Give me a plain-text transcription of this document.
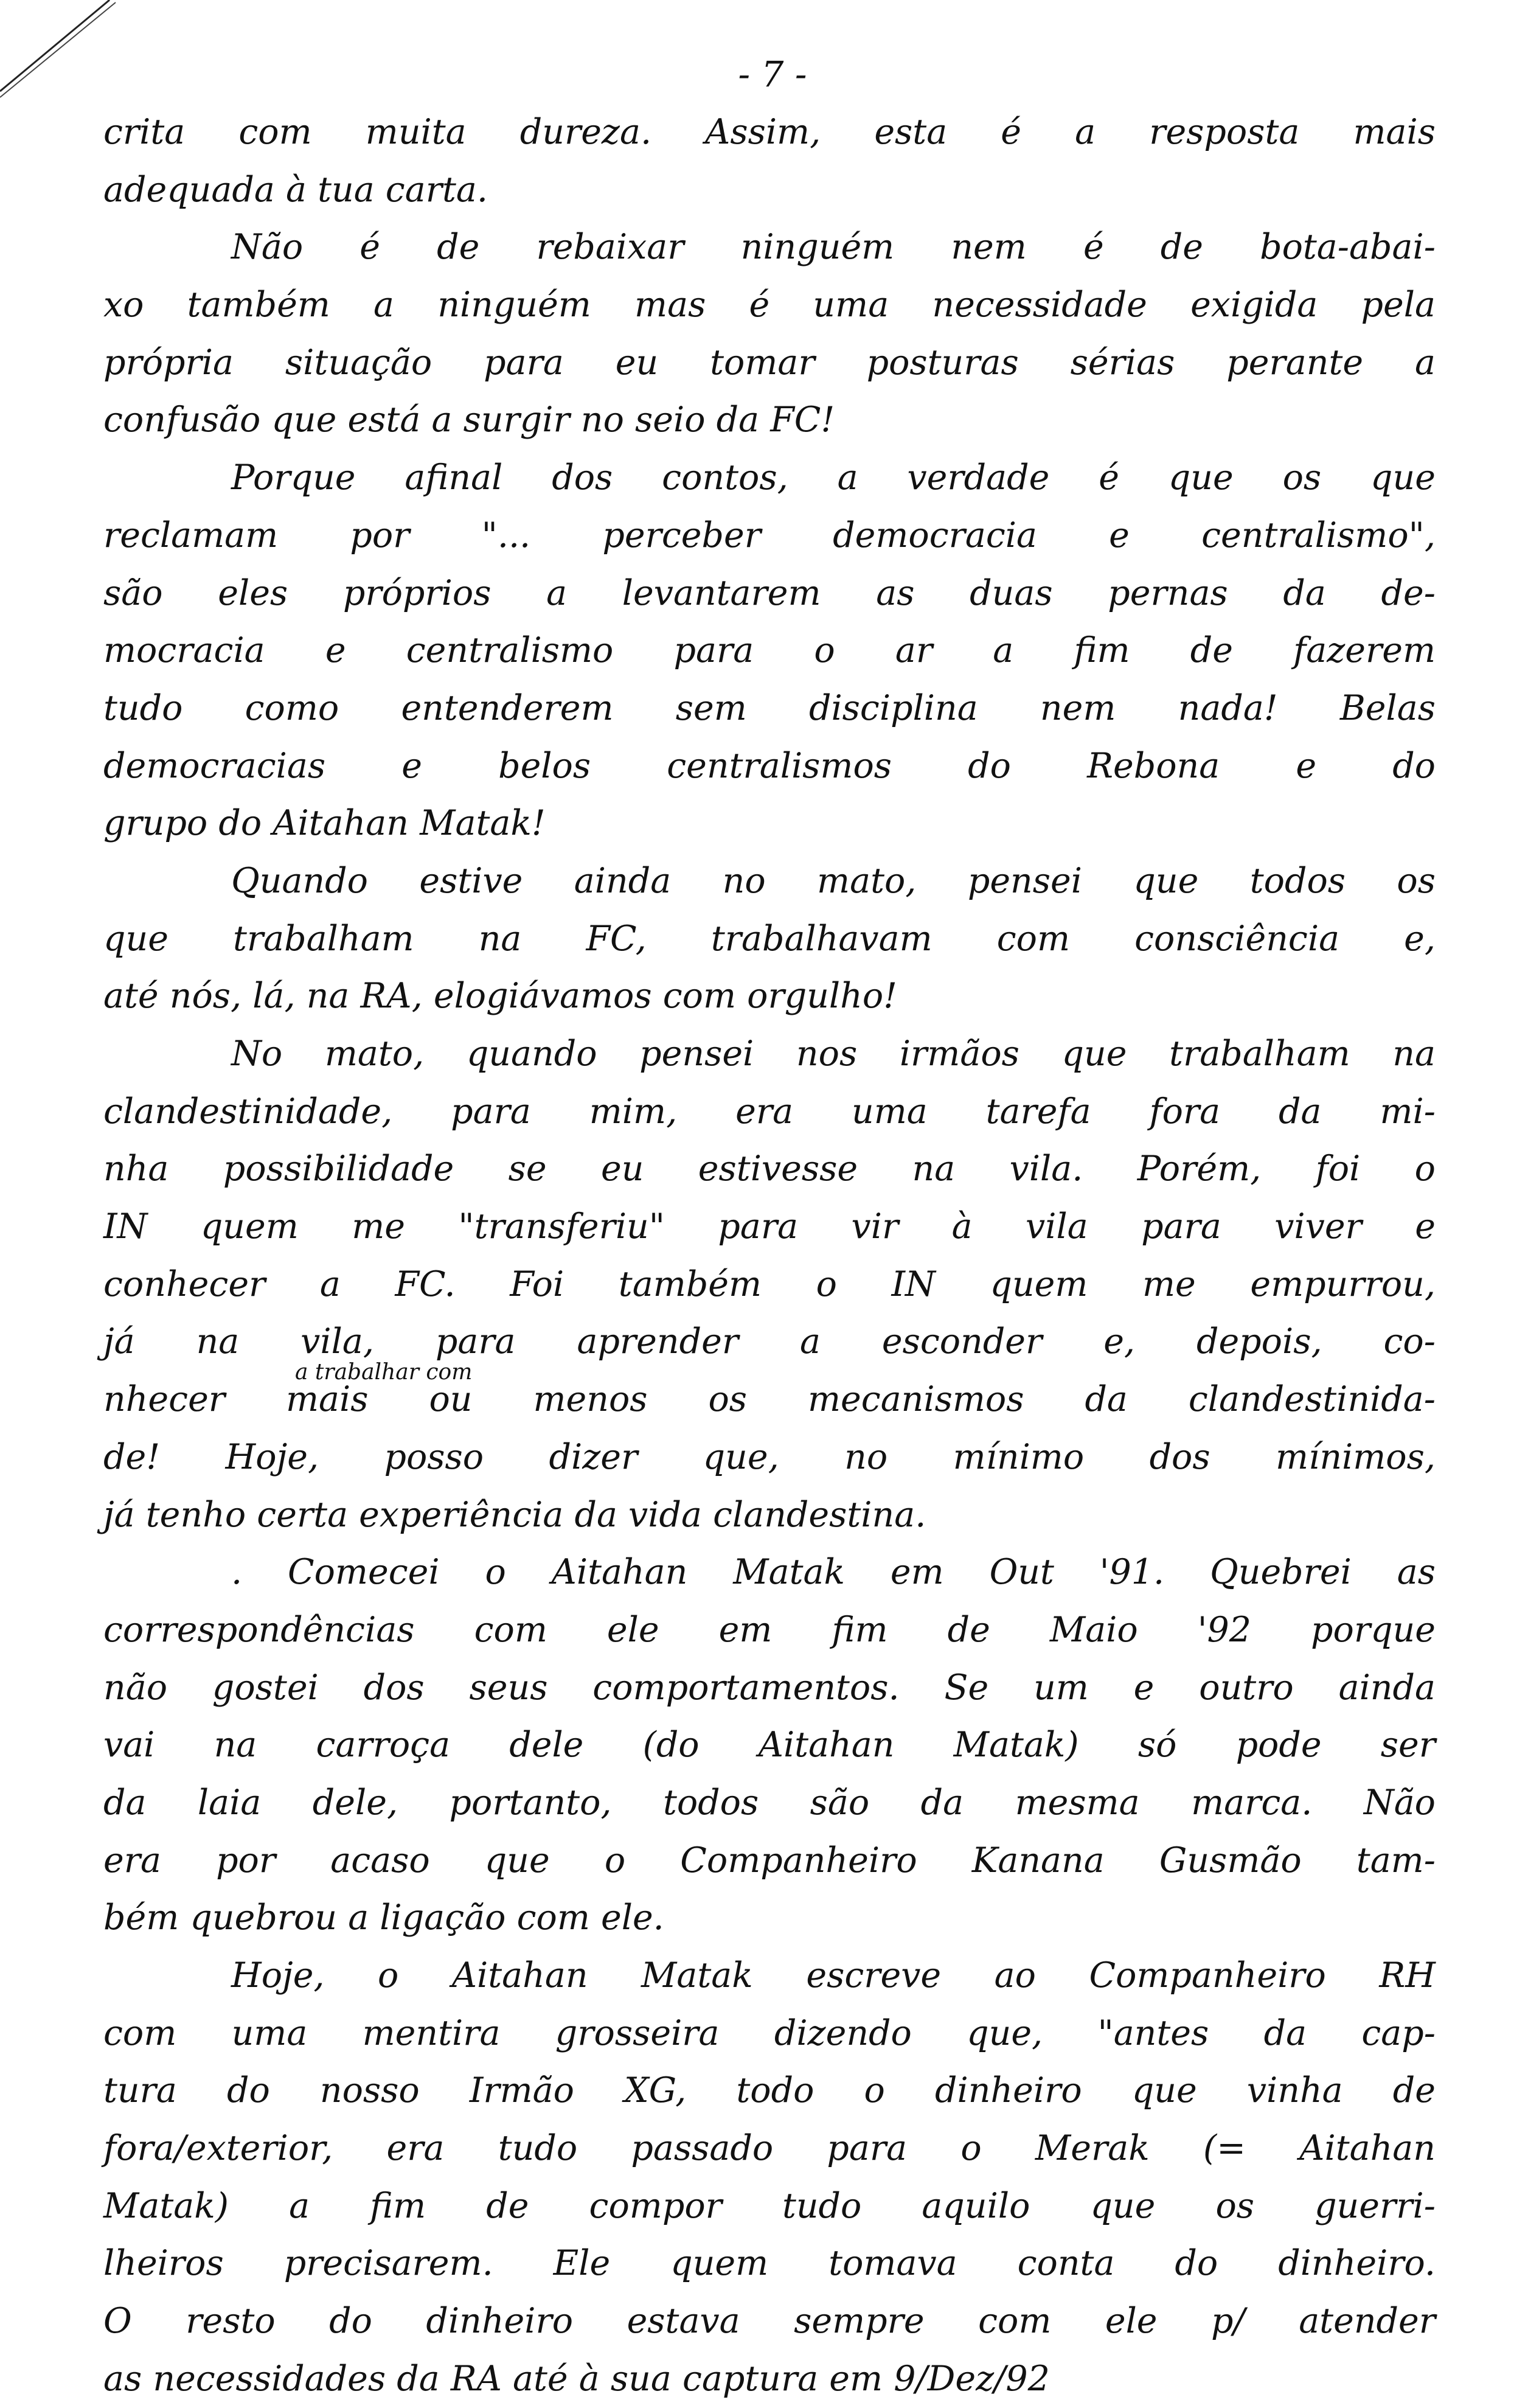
- 7 -
a trabalhar com
crita com muita dureza. Assim, esta é a resposta mais
adequada à tua carta.
Não é de rebaixar ninguém nem é de bota-abai-
xo também a ninguém mas é uma necessidade exigida pela
própria situação para eu tomar posturas sérias perante a
confusão que está a surgir no seio da FC!
Porque afinal dos contos, a verdade é que os que
reclamam por "... perceber democracia e centralismo",
são eles próprios a levantarem as duas pernas da de-
mocracia e centralismo para o ar a fim de fazerem
tudo como entenderem sem disciplina nem nada! Belas
democracias e belos centralismos do Rebona e do
grupo do Aitahan Matak!
Quando estive ainda no mato, pensei que todos os
que trabalham na FC, trabalhavam com consciência e,
até nós, lá, na RA, elogiávamos com orgulho!
No mato, quando pensei nos irmãos que trabalham na
clandestinidade, para mim, era uma tarefa fora da mi-
nha possibilidade se eu estivesse na vila. Porém, foi o
IN quem me "transferiu" para vir à vila para viver e
conhecer a FC. Foi também o IN quem me empurrou,
já na vila, para aprender a esconder e, depois, co-
nhecer mais ou menos os mecanismos da clandestinida-
de! Hoje, posso dizer que, no mínimo dos mínimos,
já tenho certa experiência da vida clandestina.
. Comecei o Aitahan Matak em Out '91. Quebrei as
correspondências com ele em fim de Maio '92 porque
não gostei dos seus comportamentos. Se um e outro ainda
vai na carroça dele (do Aitahan Matak) só pode ser
da laia dele, portanto, todos são da mesma marca. Não
era por acaso que o Companheiro Kanana Gusmão tam-
bém quebrou a ligação com ele.
Hoje, o Aitahan Matak escreve ao Companheiro RH
com uma mentira grosseira dizendo que, "antes da cap-
tura do nosso Irmão XG, todo o dinheiro que vinha de
fora/exterior, era tudo passado para o Merak (= Aitahan
Matak) a fim de compor tudo aquilo que os guerri-
lheiros precisarem. Ele quem tomava conta do dinheiro.
O resto do dinheiro estava sempre com ele p/ atender
as necessidades da RA até à sua captura em 9/Dez/92
